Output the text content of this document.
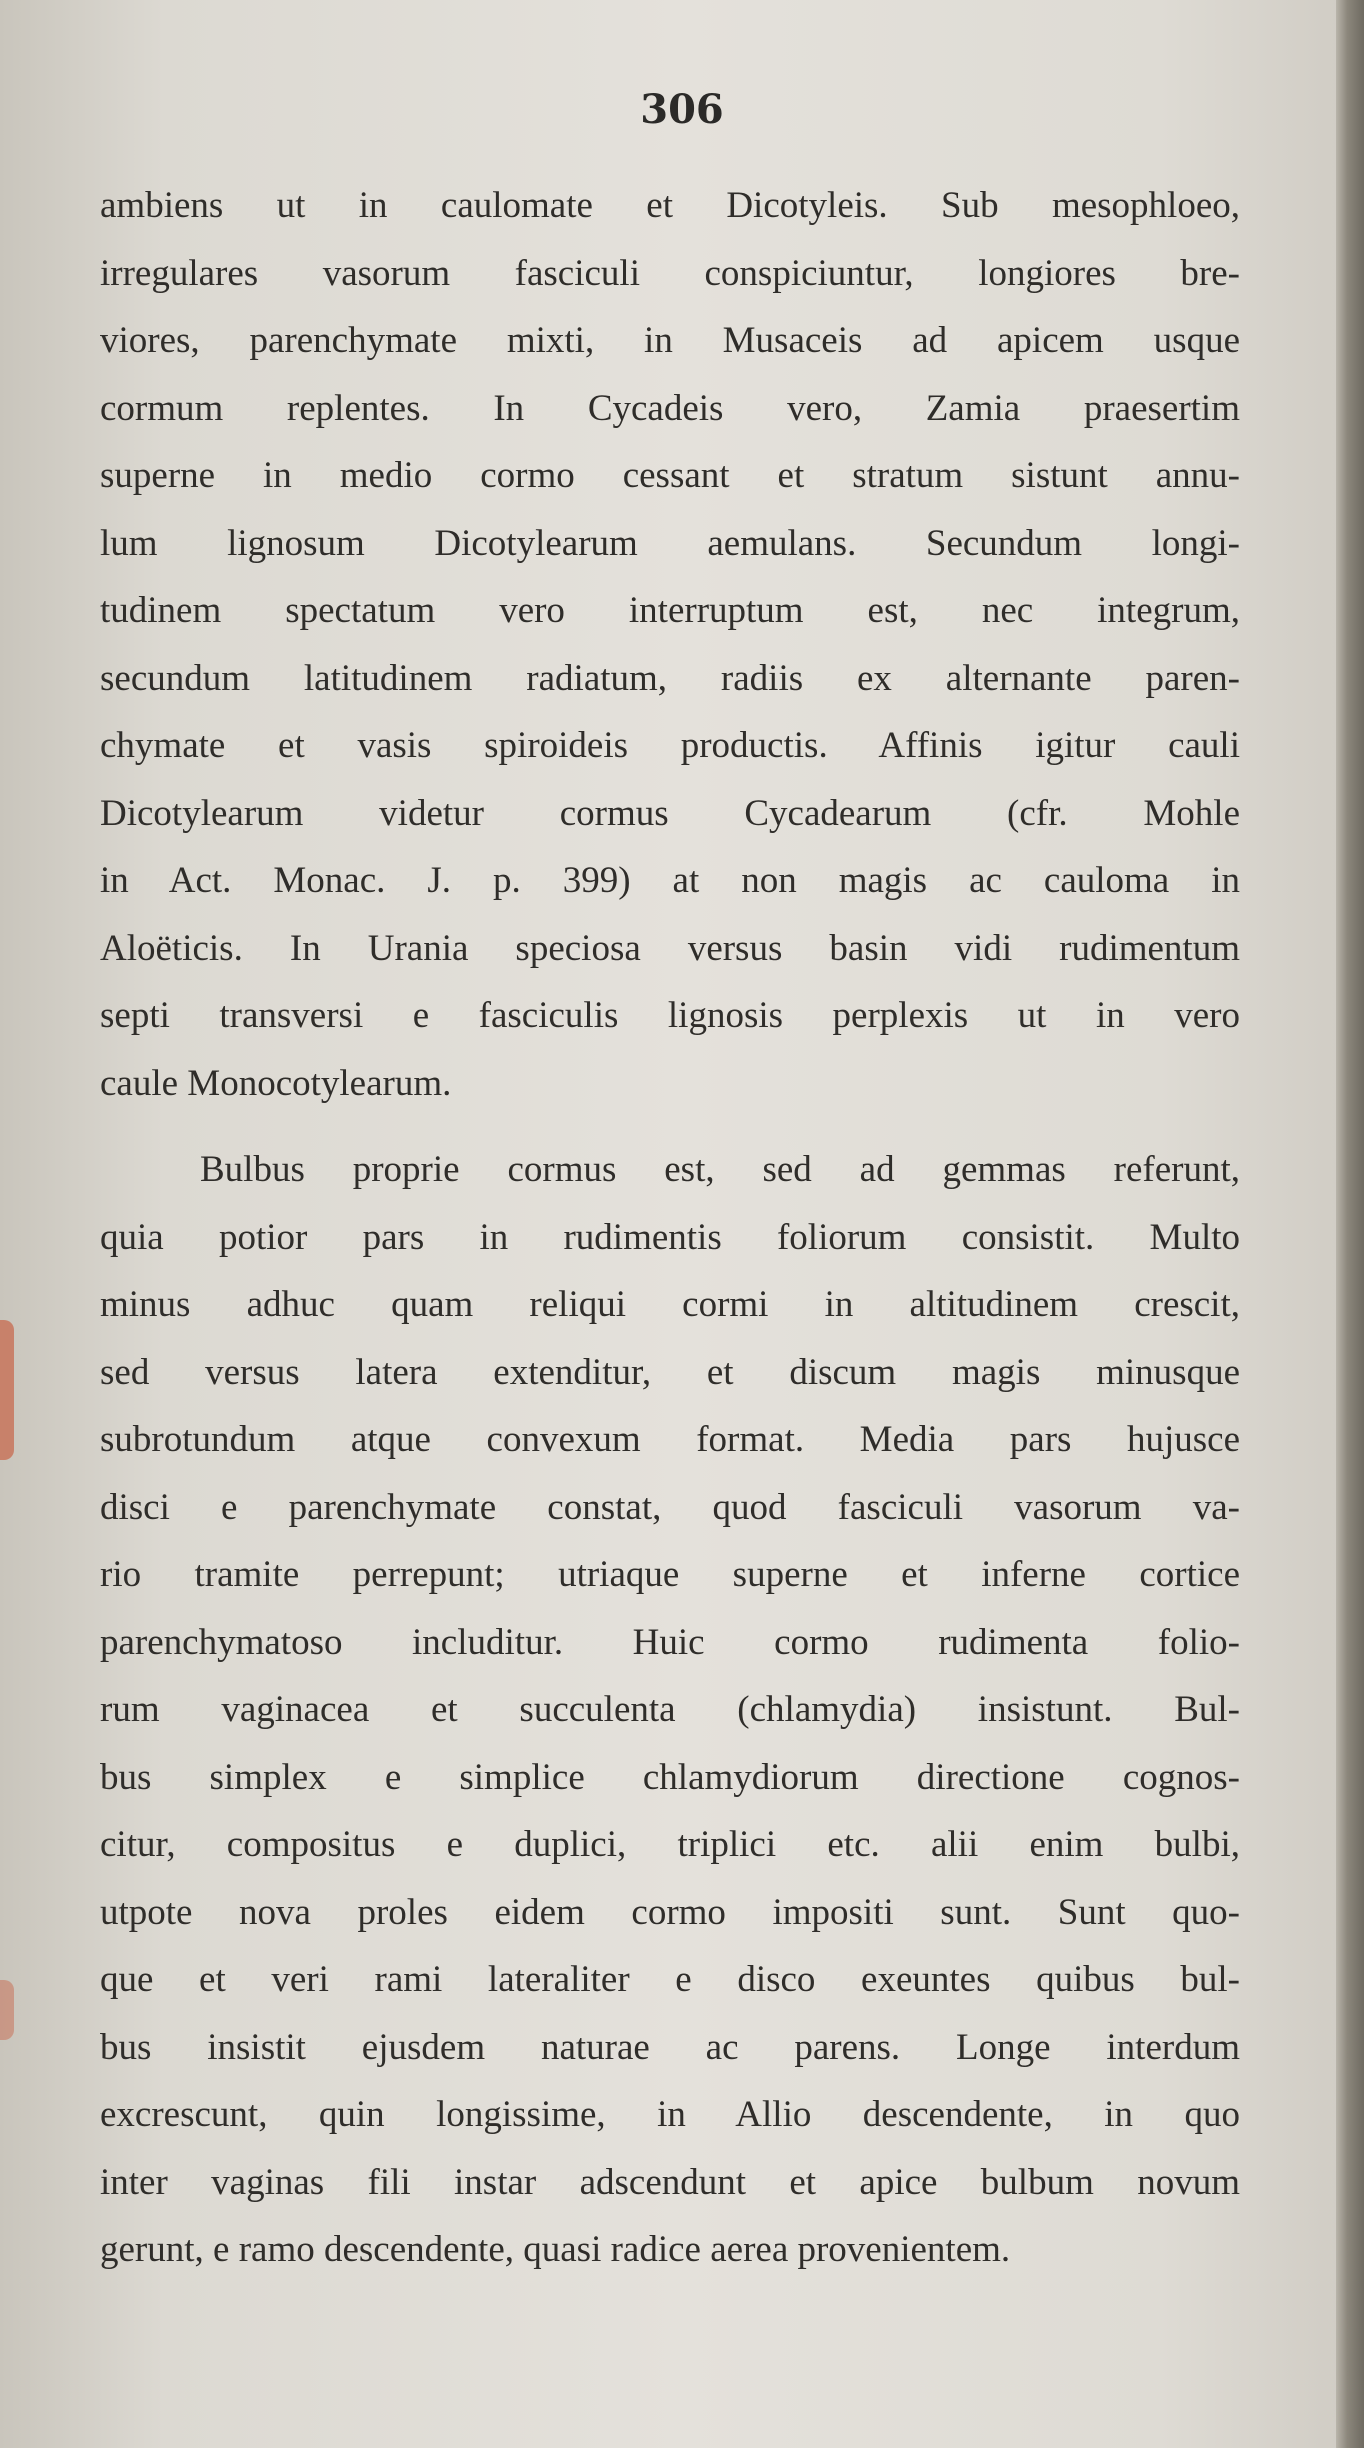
306
ambiens ut in caulomate et Dicotyleis. Sub mesophloeo,
irregulares vasorum fasciculi conspiciuntur, longiores bre-
viores, parenchymate mixti, in Musaceis ad apicem usque
cormum replentes. In Cycadeis vero, Zamia praesertim
superne in medio cormo cessant et stratum sistunt annu-
lum lignosum Dicotylearum aemulans. Secundum longi-
tudinem spectatum vero interruptum est, nec integrum,
secundum latitudinem radiatum, radiis ex alternante paren-
chymate et vasis spiroideis productis. Affinis igitur cauli
Dicotylearum videtur cormus Cycadearum (cfr. Mohle
in Act. Monac. J. p. 399) at non magis ac cauloma in
Aloëticis. In Urania speciosa versus basin vidi rudimentum
septi transversi e fasciculis lignosis perplexis ut in vero
caule Monocotylearum.
Bulbus proprie cormus est, sed ad gemmas referunt,
quia potior pars in rudimentis foliorum consistit. Multo
minus adhuc quam reliqui cormi in altitudinem crescit,
sed versus latera extenditur, et discum magis minusque
subrotundum atque convexum format. Media pars hujusce
disci e parenchymate constat, quod fasciculi vasorum va-
rio tramite perrepunt; utriaque superne et inferne cortice
parenchymatoso includitur. Huic cormo rudimenta folio-
rum vaginacea et succulenta (chlamydia) insistunt. Bul-
bus simplex e simplice chlamydiorum directione cognos-
citur, compositus e duplici, triplici etc. alii enim bulbi,
utpote nova proles eidem cormo impositi sunt. Sunt quo-
que et veri rami lateraliter e disco exeuntes quibus bul-
bus insistit ejusdem naturae ac parens. Longe interdum
excrescunt, quin longissime, in Allio descendente, in quo
inter vaginas fili instar adscendunt et apice bulbum novum
gerunt, e ramo descendente, quasi radice aerea provenientem.
